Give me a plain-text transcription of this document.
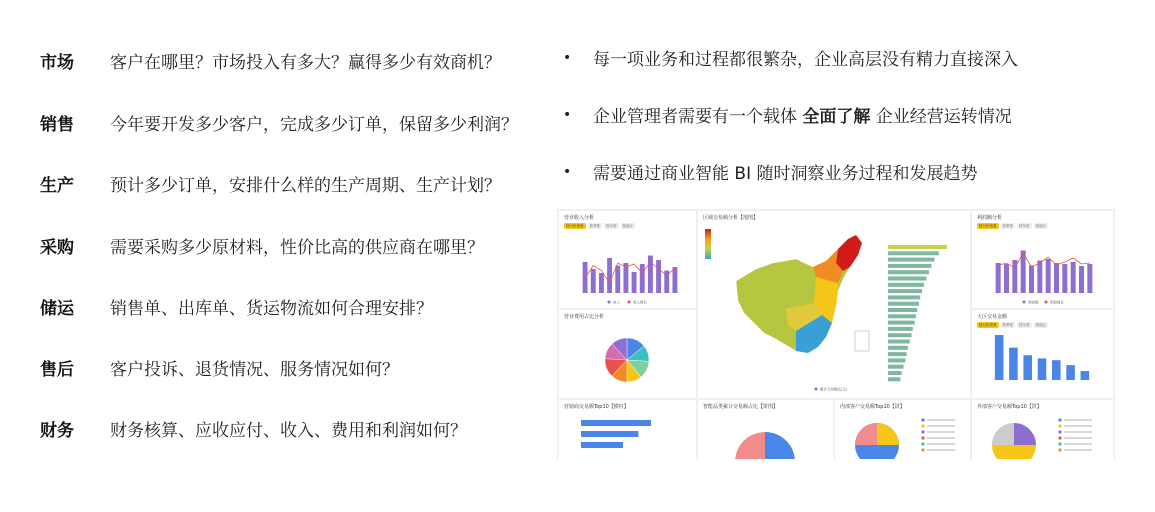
市场	客户在哪里？市场投入有多大？赢得多少有效商机？
销售	今年要开发多少客户，完成多少订单，保留多少利润？
生产	预计多少订单，安排什么样的生产周期、生产计划？
采购	需要采购多少原材料，性价比高的供应商在哪里？
储运	销售单、出库单、货运物流如何合理安排？
售后	客户投诉、退货情况、服务情况如何？
财务	财务核算、应收应付、收入、费用和利润如何？
•	每一项业务和过程都很繁杂，企业高层没有精力直接深入
•	企业管理者需要有一个载体 全面了解 企业经营运转情况
•	需要通过商业智能 BI 随时洞察业务过程和发展趋势
营业收入分析
按月份查看	按季度	按年度	按地区
收入	收入增长
营业费用占比分析
营销商交易额Top10【横柱】
区域交易额分析【地图】
累计交易额(亿元)
智能品类累计交易额占比【饼图】	内部客户交易额Top10【饼】
利润额分析
按月份查看	按季度	按年度	按地区
利润额	利润增长
大区交易金额
按月份查看	按季度	按年度	按地区
外部客户交易额Top10【饼】
